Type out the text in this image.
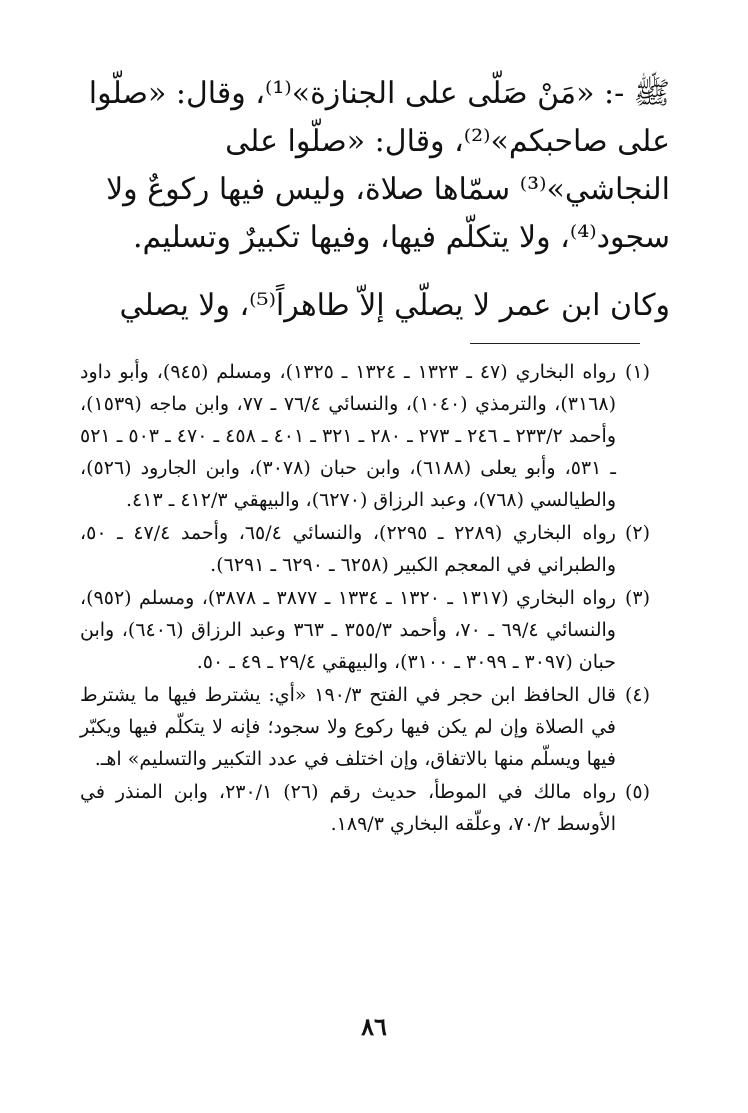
ﷺ -: «مَنْ صَلّى على الجنازة»⁽¹⁾، وقال: «صلّوا على صاحبكم»⁽²⁾، وقال: «صلّوا على النجاشي»⁽³⁾ سمّاها صلاة، وليس فيها ركوعٌ ولا سجود⁽⁴⁾، ولا يتكلّم فيها، وفيها تكبيرٌ وتسليم.

وكان ابن عمر لا يصلّي إلاّ طاهراً⁽⁵⁾، ولا يصلي

(١)
رواه البخاري (٤٧ ـ ١٣٢٣ ـ ١٣٢٤ ـ ١٣٢٥)، ومسلم (٩٤٥)، وأبو داود (٣١٦٨)، والترمذي (١٠٤٠)، والنسائي ٧٦/٤ ـ ٧٧، وابن ماجه (١٥٣٩)، وأحمد ٢٣٣/٢ ـ ٢٤٦ ـ ٢٧٣ ـ ٢٨٠ ـ ٣٢١ ـ ٤٠١ ـ ٤٥٨ ـ ٤٧٠ ـ ٥٠٣ ـ ٥٢١ ـ ٥٣١، وأبو يعلى (٦١٨٨)، وابن حبان (٣٠٧٨)، وابن الجارود (٥٢٦)، والطيالسي (٧٦٨)، وعبد الرزاق (٦٢٧٠)، والبيهقي ٤١٢/٣ ـ ٤١٣.
(٢)
رواه البخاري (٢٢٨٩ ـ ٢٢٩٥)، والنسائي ٦٥/٤، وأحمد ٤٧/٤ ـ ٥٠، والطبراني في المعجم الكبير (٦٢٥٨ ـ ٦٢٩٠ ـ ٦٢٩١).
(٣)
رواه البخاري (١٣١٧ ـ ١٣٢٠ ـ ١٣٣٤ ـ ٣٨٧٧ ـ ٣٨٧٨)، ومسلم (٩٥٢)، والنسائي ٦٩/٤ ـ ٧٠، وأحمد ٣٥٥/٣ ـ ٣٦٣ وعبد الرزاق (٦٤٠٦)، وابن حبان (٣٠٩٧ ـ ٣٠٩٩ ـ ٣١٠٠)، والبيهقي ٢٩/٤ ـ ٤٩ ـ ٥٠.
(٤)
قال الحافظ ابن حجر في الفتح ١٩٠/٣ «أي: يشترط فيها ما يشترط في الصلاة وإن لم يكن فيها ركوع ولا سجود؛ فإنه لا يتكلّم فيها ويكبّر فيها ويسلّم منها بالاتفاق، وإن اختلف في عدد التكبير والتسليم» اهـ.
(٥)
رواه مالك في الموطأ، حديث رقم (٢٦) ٢٣٠/١، وابن المنذر في الأوسط ٧٠/٢، وعلّقه البخاري ١٨٩/٣.
٨٦
